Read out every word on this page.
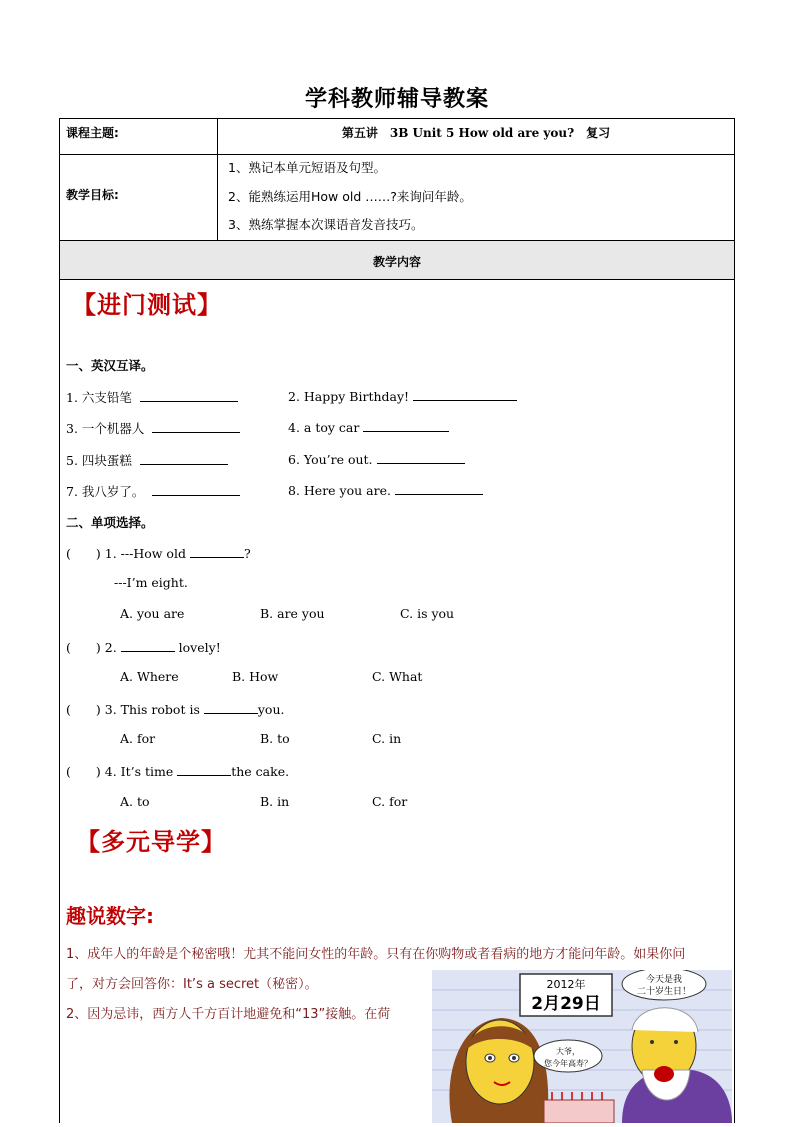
学科教师辅导教案
课程主题:	第五讲　3B Unit 5 How old are you?　复习
教学目标:
1、熟记本单元短语及句型。
2、能熟练运用How old ……?来询问年龄。
3、熟练掌握本次课语音发音技巧。
教学内容
【进门测试】
一、英汉互译。
1. 六支铅笔	2. Happy Birthday!
3. 一个机器人	4. a toy car
5. 四块蛋糕	6. You’re out.
7. 我八岁了。	8. Here you are.
二、单项选择。
(　　) 1. ---How old	?
---I’m eight.
A. you are	B. are you	C. is you
(　　) 2.	lovely!
A. Where	B. How	C. What
(　　) 3. This robot is	you.
A. for	B. to	C. in
(　　) 4. It’s time	the cake.
A. to	B. in	C. for
【多元导学】
趣说数字:
1、成年人的年龄是个秘密哦！尤其不能问女性的年龄。只有在你购物或者看病的地方才能问年龄。如果你问
了，对方会回答你：It’s a secret（秘密）。
2、因为忌讳，西方人千方百计地避免和“13”接触。在荷
2012年
2月29日
今天是我
二十岁生日！
大爷，
您今年高寿？
